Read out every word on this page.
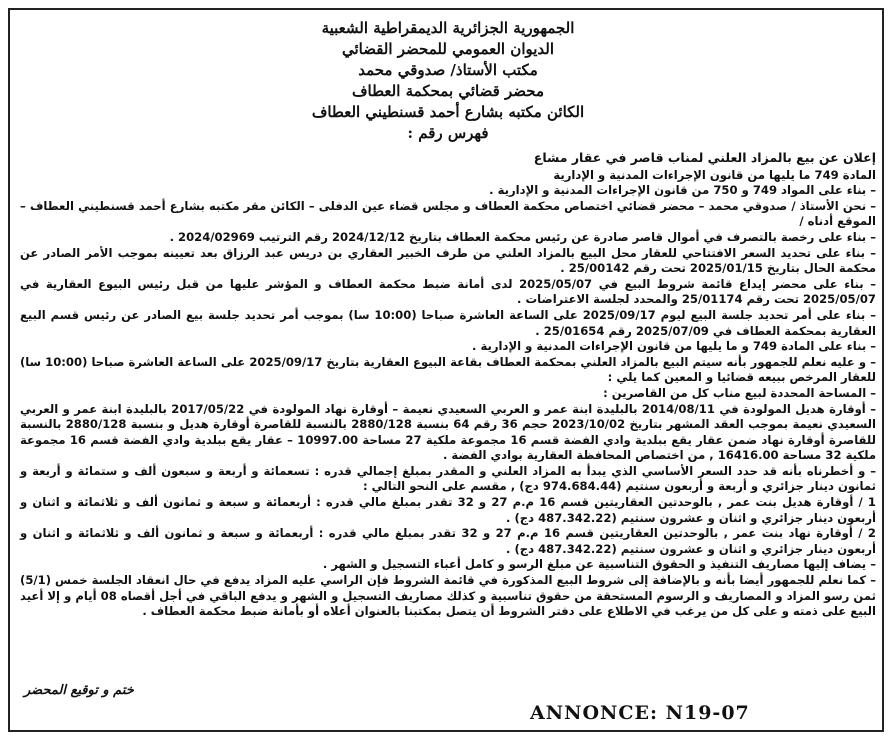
الجمهورية الجزائرية الديمقراطية الشعبية
الديوان العمومي للمحضر القضائي
مكتب الأستاذ/ صدوقي محمد
محضر قضائي بمحكمة العطاف
الكائن مكتبه بشارع أحمد قسنطيني العطاف
فهرس رقم :

إعلان عن بيع بالمزاد العلني لمناب قاصر في عقار مشاع

المادة 749 ما يليها من قانون الإجراءات المدنية و الإدارية

– بناء على المواد 749 و 750 من قانون الإجراءات المدنية و الإدارية .

– نحن الأستاذ / صدوقي محمد – محضر قضائي اختصاص محكمة العطاف و مجلس قضاء عين الدفلى – الكائن مقر مكتبه بشارع أحمد قسنطيني العطاف – الموقع أدناه /

– بناء على رخصة بالتصرف في أموال قاصر صادرة عن رئيس محكمة العطاف بتاريخ 2024/12/12 رقم الترتيب 2024/02969 .

– بناء على تحديد السعر الافتتاحي للعقار محل البيع بالمزاد العلني من طرف الخبير العقاري بن دريس عبد الرزاق بعد تعيينه بموجب الأمر الصادر عن محكمة الحال بتاريخ 2025/01/15 تحت رقم 25/00142 .

– بناء على محضر إيداع قائمة شروط البيع في 2025/05/07 لدى أمانة ضبط محكمة العطاف و المؤشر عليها من قبل رئيس البيوع العقارية في 2025/05/07 تحت رقم 25/01174 والمحدد لجلسة الاعتراضات .

– بناء على أمر تحديد جلسة البيع ليوم 2025/09/17 على الساعة العاشرة صباحا (10:00 سا) بموجب أمر تحديد جلسة بيع الصادر عن رئيس قسم البيع العقارية بمحكمة العطاف في 2025/07/09 رقم 25/01654 .

– بناء على المادة 749 و ما يليها من قانون الإجراءات المدنية و الإدارية .

– و عليه نعلم للجمهور بأنه سيتم البيع بالمزاد العلني بمحكمة العطاف بقاعة البيوع العقارية بتاريخ 2025/09/17 على الساعة العاشرة صباحا (10:00 سا) للعقار المرخص ببيعه قضائيا و المعين كما يلي :

– المساحة المحددة لبيع مناب كل من القاصرين :

– أوقارة هديل المولودة في 2014/08/11 بالبليدة ابنة عمر و العربي السعيدي نعيمة – أوقارة نهاد المولودة في 2017/05/22 بالبليدة ابنة عمر و العربي السعيدي نعيمة بموجب العقد المشهر بتاريخ 2023/10/02 حجم 36 رقم 64 بنسبة 2880/128 بالنسبة للقاصرة أوقارة هديل و بنسبة 2880/128 بالنسبة للقاصرة أوقارة نهاد ضمن عقار يقع ببلدية وادي الفضة قسم 16 مجموعة ملكية 27 مساحة 10997.00 – عقار يقع ببلدية وادي الفضة قسم 16 مجموعة ملكية 32 مساحة 16416.00 , من اختصاص المحافظة العقارية بوادي الفضة .

– و أخطرناه بأنه قد حدد السعر الأساسي الذي يبدأ به المزاد العلني و المقدر بمبلغ إجمالي قدره : تسعمائة و أربعة و سبعون ألف و ستمائة و أربعة و ثمانون دينار جزائري و أربعة و أربعون سنتيم (974.684.44 دج) , مقسم على النحو التالي :

1 / أوقارة هديل بنت عمر , بالوحدتين العقاريتين قسم 16 م.م 27 و 32 تقدر بمبلغ مالي قدره : أربعمائة و سبعة و ثمانون ألف و ثلاثمائة و اثنان و أربعون دينار جزائري و اثنان و عشرون سنتيم (487.342.22 دج) .

2 / أوقارة نهاد بنت عمر , بالوحدتين العقاريتين قسم 16 م.م 27 و 32 تقدر بمبلغ مالي قدره : أربعمائة و سبعة و ثمانون ألف و ثلاثمائة و اثنان و أربعون دينار جزائري و اثنان و عشرون سنتيم (487.342.22 دج) .

– يضاف إليها مصاريف التنفيذ و الحقوق التناسبية عن مبلغ الرسو و كامل أعباء التسجيل و الشهر .

– كما نعلم للجمهور أيضا بأنه و بالإضافة إلى شروط البيع المذكورة في قائمة الشروط فإن الراسي عليه المزاد يدفع في حال انعقاد الجلسة خمس (5/1) ثمن رسو المزاد و المصاريف و الرسوم المستحقة من حقوق تناسبية و كذلك مصاريف التسجيل و الشهر و يدفع الباقي في أجل أقصاه 08 أيام و إلا أعيد البيع على ذمته و على كل من يرغب في الاطلاع على دفتر الشروط أن يتصل بمكتبنا بالعنوان أعلاه أو بأمانة ضبط محكمة العطاف .

ختم و توقيع المحضر
ANNONCE: N19-07
